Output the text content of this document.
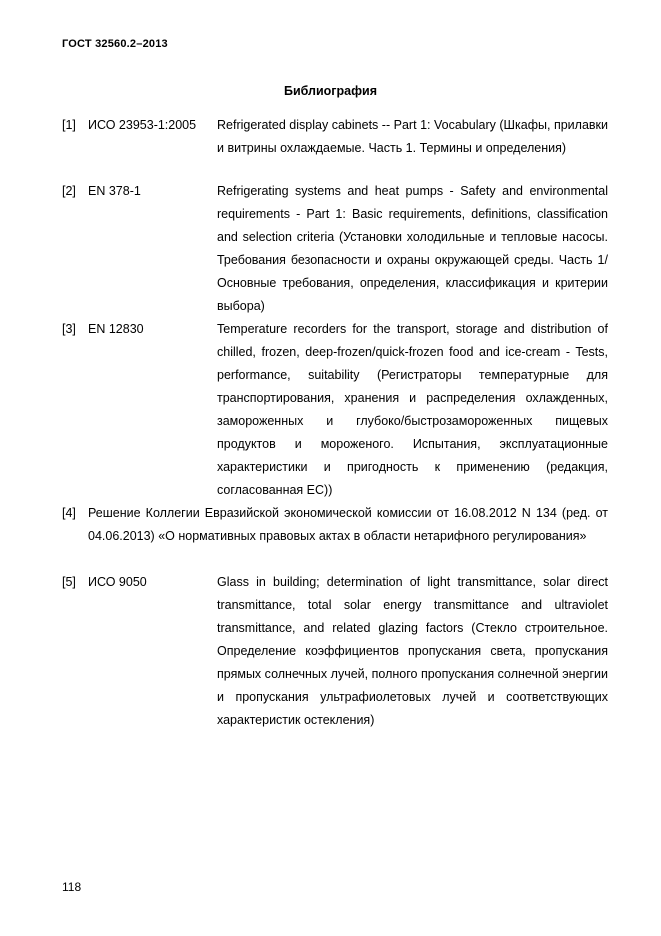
ГОСТ 32560.2–2013
Библиография
[1] ИСО 23953-1:2005 Refrigerated display cabinets -- Part 1: Vocabulary (Шкафы, прилавки и витрины охлаждаемые. Часть 1. Термины и определения)
[2] EN 378-1	Refrigerating systems and heat pumps - Safety and environmental requirements - Part 1: Basic requirements, definitions, classification and selection criteria (Установки холодильные и тепловые насосы. Требования безопасности и охраны окружающей среды. Часть 1/ Основные требования, определения, классификация и критерии выбора)
[3] EN 12830	Temperature recorders for the transport, storage and distribution of chilled, frozen, deep-frozen/quick-frozen food and ice-cream - Tests, performance, suitability (Регистраторы температурные для транспортирования, хранения и распределения охлажденных, замороженных и глубоко/быстрозамороженных пищевых продуктов и мороженого. Испытания, эксплуатационные характеристики и пригодность к применению (редакция, согласованная ЕС))
[4] Решение Коллегии Евразийской экономической комиссии от 16.08.2012 N 134 (ред. от 04.06.2013) «О нормативных правовых актах в области нетарифного регулирования»
[5] ИСО 9050	Glass in building; determination of light transmittance, solar direct transmittance, total solar energy transmittance and ultraviolet transmittance, and related glazing factors (Стекло строительное. Определение коэффициентов пропускания света, пропускания прямых солнечных лучей, полного пропускания солнечной энергии и пропускания ультрафиолетовых лучей и соответствующих характеристик остекления)
118
